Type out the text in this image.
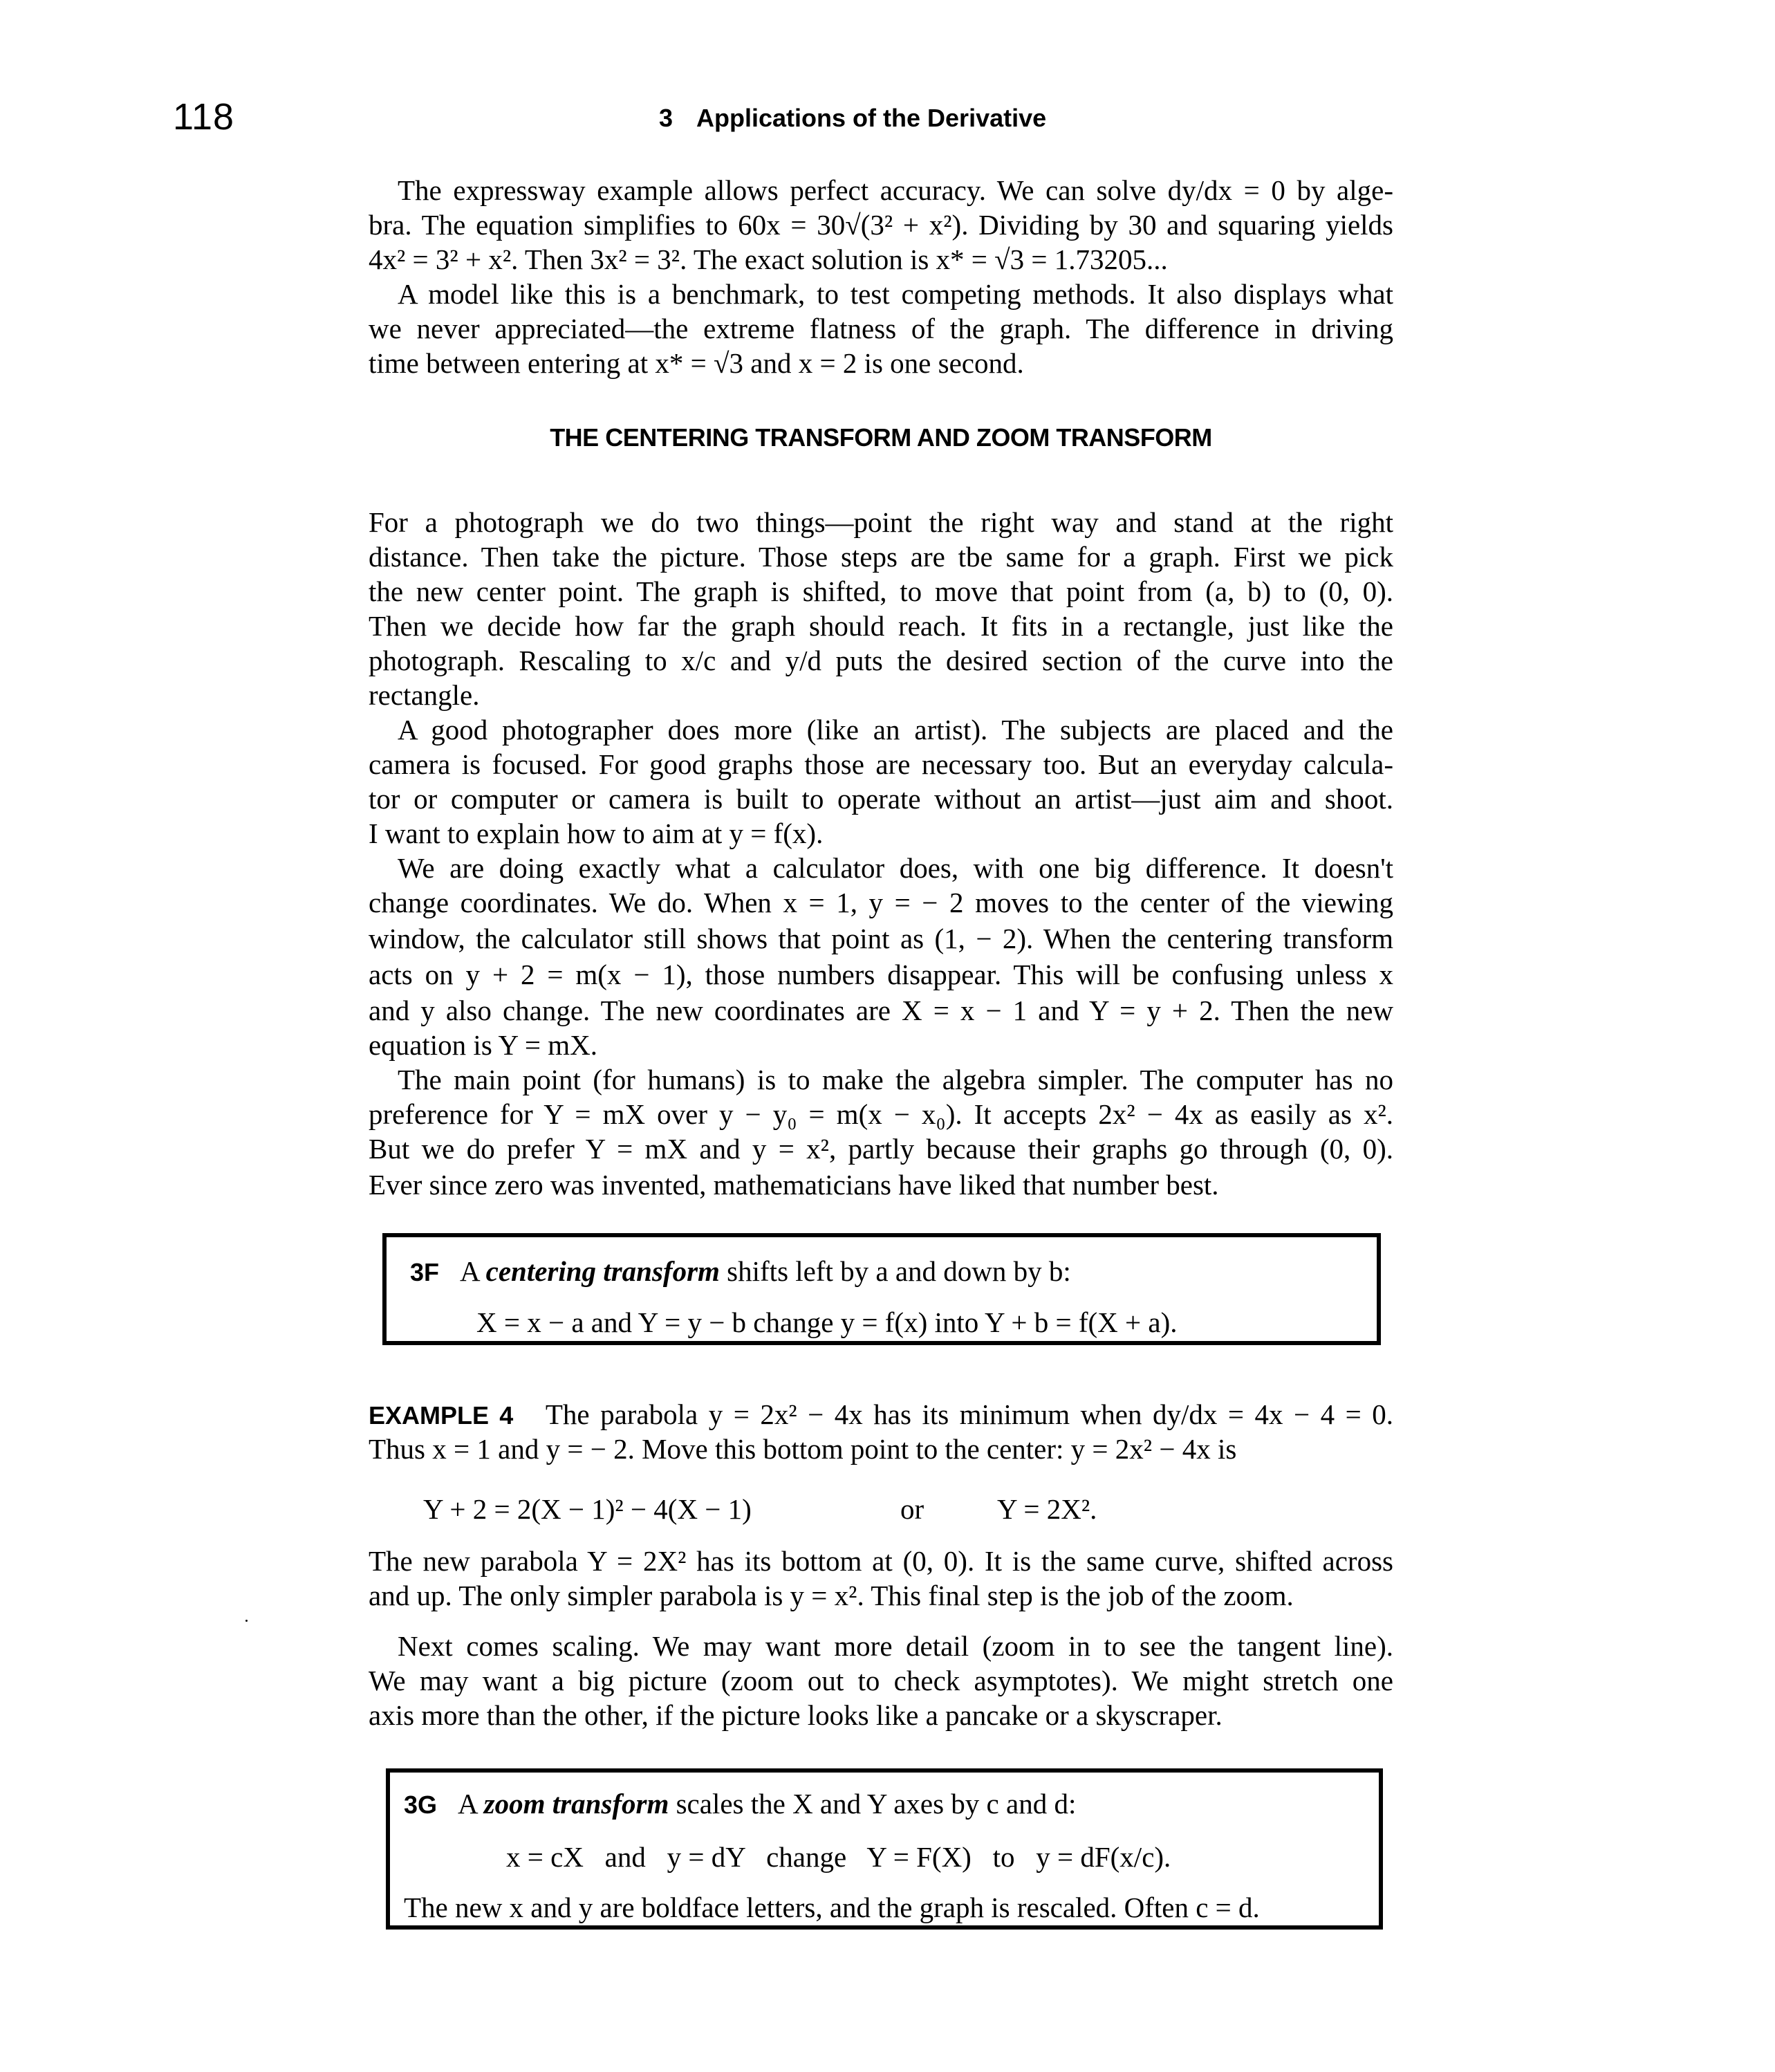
118	3 Applications of the Derivative
The expressway example allows perfect accuracy. We can solve dy/dx = 0 by alge-
bra. The equation simplifies to 60x = 30√(3² + x²). Dividing by 30 and squaring yields
4x² = 3² + x². Then 3x² = 3². The exact solution is x* = √3 = 1.73205...
A model like this is a benchmark, to test competing methods. It also displays what
we never appreciated—the extreme flatness of the graph. The difference in driving
time between entering at x* = √3 and x = 2 is one second.
THE CENTERING TRANSFORM AND ZOOM TRANSFORM
For a photograph we do two things—point the right way and stand at the right
distance. Then take the picture. Those steps are tbe same for a graph. First we pick
the new center point. The graph is shifted, to move that point from (a, b) to (0, 0).
Then we decide how far the graph should reach. It fits in a rectangle, just like the
photograph. Rescaling to x/c and y/d puts the desired section of the curve into the
rectangle.
A good photographer does more (like an artist). The subjects are placed and the
camera is focused. For good graphs those are necessary too. But an everyday calcula-
tor or computer or camera is built to operate without an artist—just aim and shoot.
I want to explain how to aim at y = f(x).
We are doing exactly what a calculator does, with one big difference. It doesn't
change coordinates. We do. When x = 1, y = − 2 moves to the center of the viewing
window, the calculator still shows that point as (1, − 2). When the centering transform
acts on y + 2 = m(x − 1), those numbers disappear. This will be confusing unless x
and y also change. The new coordinates are X = x − 1 and Y = y + 2. Then the new
equation is Y = mX.
The main point (for humans) is to make the algebra simpler. The computer has no
preference for Y = mX over y − y₀ = m(x − x₀). It accepts 2x² − 4x as easily as x².
But we do prefer Y = mX and y = x², partly because their graphs go through (0, 0).
Ever since zero was invented, mathematicians have liked that number best.
3F A centering transform shifts left by a and down by b:
X = x − a and Y = y − b change y = f(x) into Y + b = f(X + a).
EXAMPLE 4 The parabola y = 2x² − 4x has its minimum when dy/dx = 4x − 4 = 0.
Thus x = 1 and y = − 2. Move this bottom point to the center: y = 2x² − 4x is
Y + 2 = 2(X − 1)² − 4(X − 1)	or	Y = 2X².
The new parabola Y = 2X² has its bottom at (0, 0). It is the same curve, shifted across
and up. The only simpler parabola is y = x². This final step is the job of the zoom.
Next comes scaling. We may want more detail (zoom in to see the tangent line).
We may want a big picture (zoom out to check asymptotes). We might stretch one
axis more than the other, if the picture looks like a pancake or a skyscraper.
3G A zoom transform scales the X and Y axes by c and d:
x = cX   and   y = dY   change   Y = F(X)   to   y = dF(x/c).
The new x and y are boldface letters, and the graph is rescaled. Often c = d.
